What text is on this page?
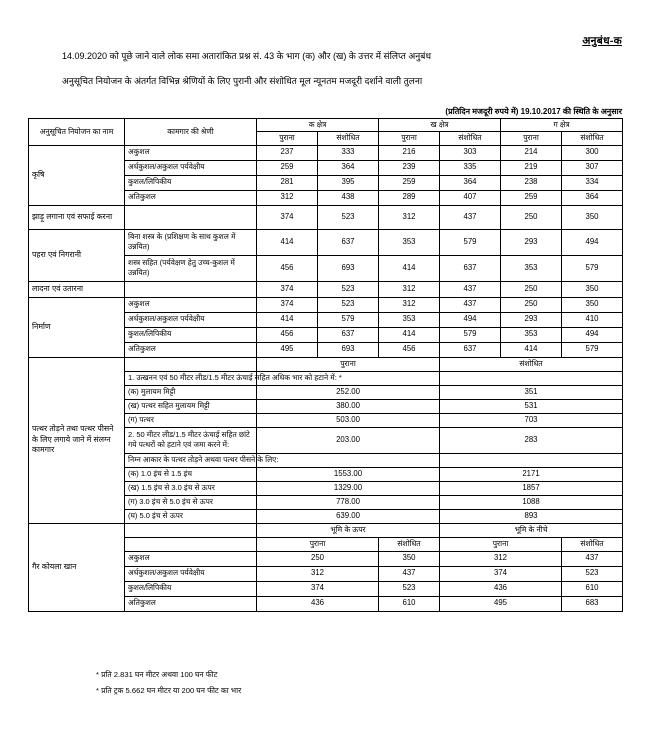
अनुबंध-क
14.09.2020 को पूछे जाने वाले लोक समा अतारांकित प्रश्न सं. 43 के भाग (क) और (ख) के उत्तर में संलिप्त अनुबंध
अनुसूचित नियोजन के अंतर्गत विभिन्न श्रेणियों के लिए पुरानी और संशोधित मूल न्यूनतम मजदूरी दर्शाने वाली तुलना
(प्रतिदिन मजदूरी रुपये में) 19.10.2017 की स्थिति के अनुसार
अनुसूचित नियोजन का नाम	कामगार की श्रेणी	क क्षेत्र		ख क्षेत्र		ग क्षेत्र	
		पुराना	संशोधित	पुराना	संशोधित	पुराना	संशोधित
कृषि	अकुशल	237	333	216	303	214	300
	अर्धकुशल/अकुशल पर्यवेक्षीय	259	364	239	335	219	307
	कुशल/लिपिकीय	281	395	259	364	238	334
	अतिकुशल	312	438	289	407	259	364
झाड़ू लगाना एवं सफाई करना		374	523	312	437	250	350
पहरा एवं निगरानी	बिना शस्त्र के (प्रशिक्षण के साथ कुशल में उन्नयित)	414	637	353	579	293	494
	शस्त्र सहित (पर्यवेक्षण हेतु उच्च-कुशल में उन्नयित)	456	693	414	637	353	579
लादना एवं उतारना		374	523	312	437	250	350
निर्माण	अकुशल	374	523	312	437	250	350
	अर्धकुशल/अकुशल पर्यवेक्षीय	414	579	353	494	293	410
	कुशल/लिपिकीय	456	637	414	579	353	494
	अतिकुशल	495	693	456	637	414	579
पत्थर तोड़ने तथा पत्थर पीसने के लिए लगाये जाने में संलग्न कामगार		पुराना			संशोधित		
	1. उत्खनन एवं 50 मीटर लीड/1.5 मीटर ऊंचाई सहित अधिक भार को हटाने में: *						
	(क) मुलायम मिट्टी	252.00			351		
	(ख) पत्थर सहित मुलायम मिट्टी	380.00			531		
	(ग) पत्थर	503.00			703		
	2. 50 मीटर लीड/1.5 मीटर ऊंचाई सहित छांटे गये पत्थरों को हटाने एवं जमा करने में:	203.00			283		
	निम्न आकार के पत्थर तोड़ने अथवा पत्थर पीसने के लिए:						
	(क) 1.0 इंच से 1.5 इंच	1553.00			2171		
	(ख) 1.5 इंच से 3.0 इंच से ऊपर	1329.00			1857		
	(ग) 3.0 इंच से 5.0 इंच से ऊपर	778.00			1088		
	(घ) 5.0 इंच से ऊपर	639.00			893		
गैर कोयला खान		भूमि के ऊपर			भूमि के नीचे		
		पुराना		संशोधित	पुराना		संशोधित
	अकुशल	250		350	312		437
	अर्धकुशल/अकुशल पर्यवेक्षीय	312		437	374		523
	कुशल/लिपिकीय	374		523	436		610
	अतिकुशल	436		610	495		683
* प्रति 2.831 घन मीटर अथवा 100 घन फीट
* प्रति ट्रक 5.662 घन मीटर या 200 घन फीट का भार
